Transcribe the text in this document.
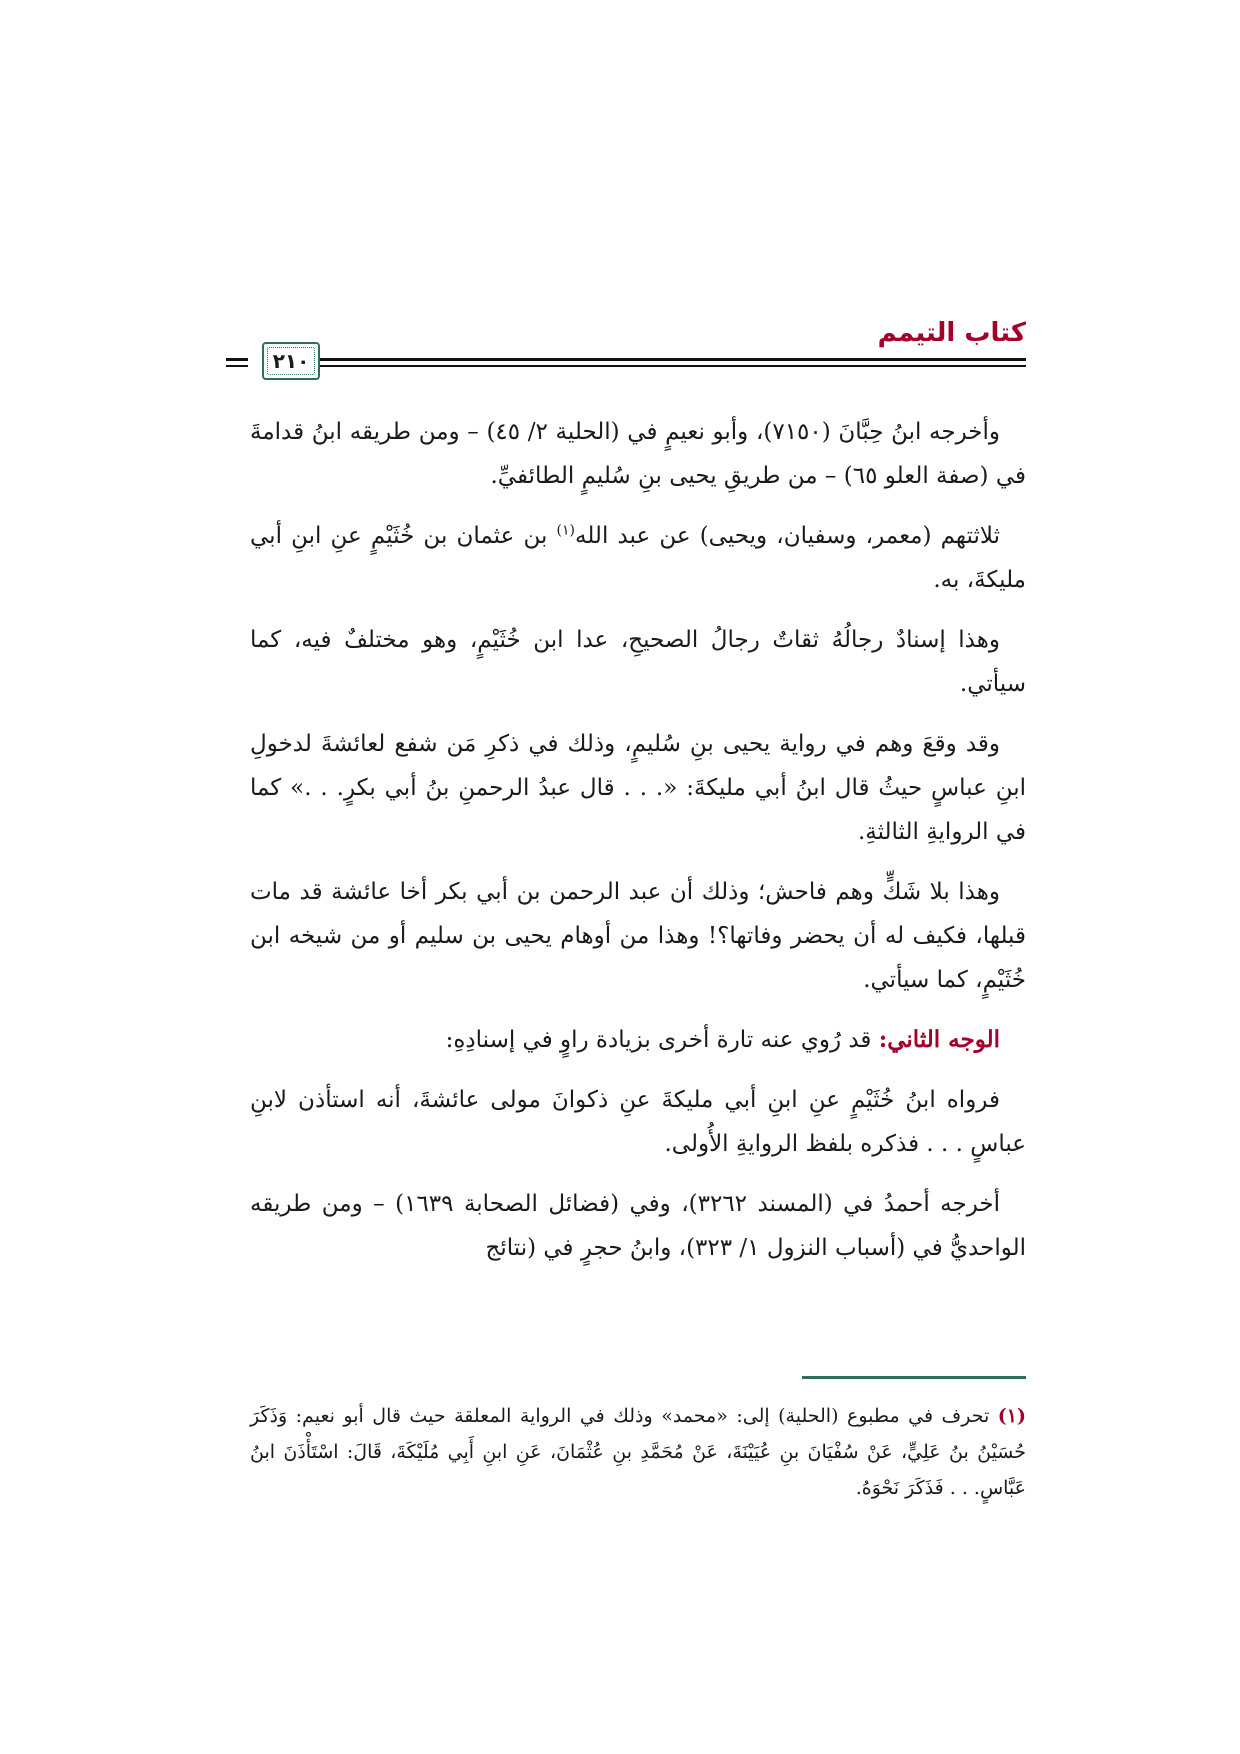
كتاب التيمم
٢١٠

وأخرجه ابنُ حِبَّانَ (٧١٥٠)، وأبو نعيمٍ في (الحلية ٢/ ٤٥) – ومن طريقه ابنُ قدامةَ في (صفة العلو ٦٥) – من طريقِ يحيى بنِ سُليمٍ الطائفيِّ.

ثلاثتهم (معمر، وسفيان، ويحيى) عن عبد الله$^{(١)}$ بن عثمان بن خُثَيْمٍ عنِ ابنِ أبي مليكةَ، به.

وهذا إسنادٌ رجالُهُ ثقاتٌ رجالُ الصحيحِ، عدا ابن خُثَيْمٍ، وهو مختلفٌ فيه، كما سيأتي.

وقد وقعَ وهم في رواية يحيى بنِ سُليمٍ، وذلك في ذكرِ مَن شفع لعائشةَ لدخولِ ابنِ عباسٍ حيثُ قال ابنُ أبي مليكةَ: «. . . قال عبدُ الرحمنِ بنُ أبي بكرٍ. . .» كما في الروايةِ الثالثةِ.

وهذا بلا شَكٍّ وهم فاحش؛ وذلك أن عبد الرحمن بن أبي بكر أخا عائشة قد مات قبلها، فكيف له أن يحضر وفاتها؟! وهذا من أوهام يحيى بن سليم أو من شيخه ابن خُثَيْمٍ، كما سيأتي.

الوجه الثاني: قد رُوي عنه تارة أخرى بزيادة راوٍ في إسنادِهِ:

فرواه ابنُ خُثَيْمٍ عنِ ابنِ أبي مليكةَ عنِ ذكوانَ مولى عائشةَ، أنه استأذن لابنِ عباسٍ . . . فذكره بلفظ الروايةِ الأُولى.

أخرجه أحمدُ في (المسند ٣٢٦٢)، وفي (فضائل الصحابة ١٦٣٩) – ومن طريقه الواحديُّ في (أسباب النزول ١/ ٣٢٣)، وابنُ حجرٍ في (نتائج

(١) تحرف في مطبوع (الحلية) إلى: «محمد» وذلك في الرواية المعلقة حيث قال أبو نعيم: وَذَكَرَ حُسَيْنُ بنُ عَلِيٍّ، عَنْ سُفْيَانَ بنِ عُيَيْنَةَ، عَنْ مُحَمَّدِ بنِ عُثْمَانَ، عَنِ ابنِ أَبِي مُلَيْكَةَ، قَالَ: اسْتَأْذَنَ ابنُ عَبَّاسٍ. . . فَذَكَرَ نَحْوَهُ.
